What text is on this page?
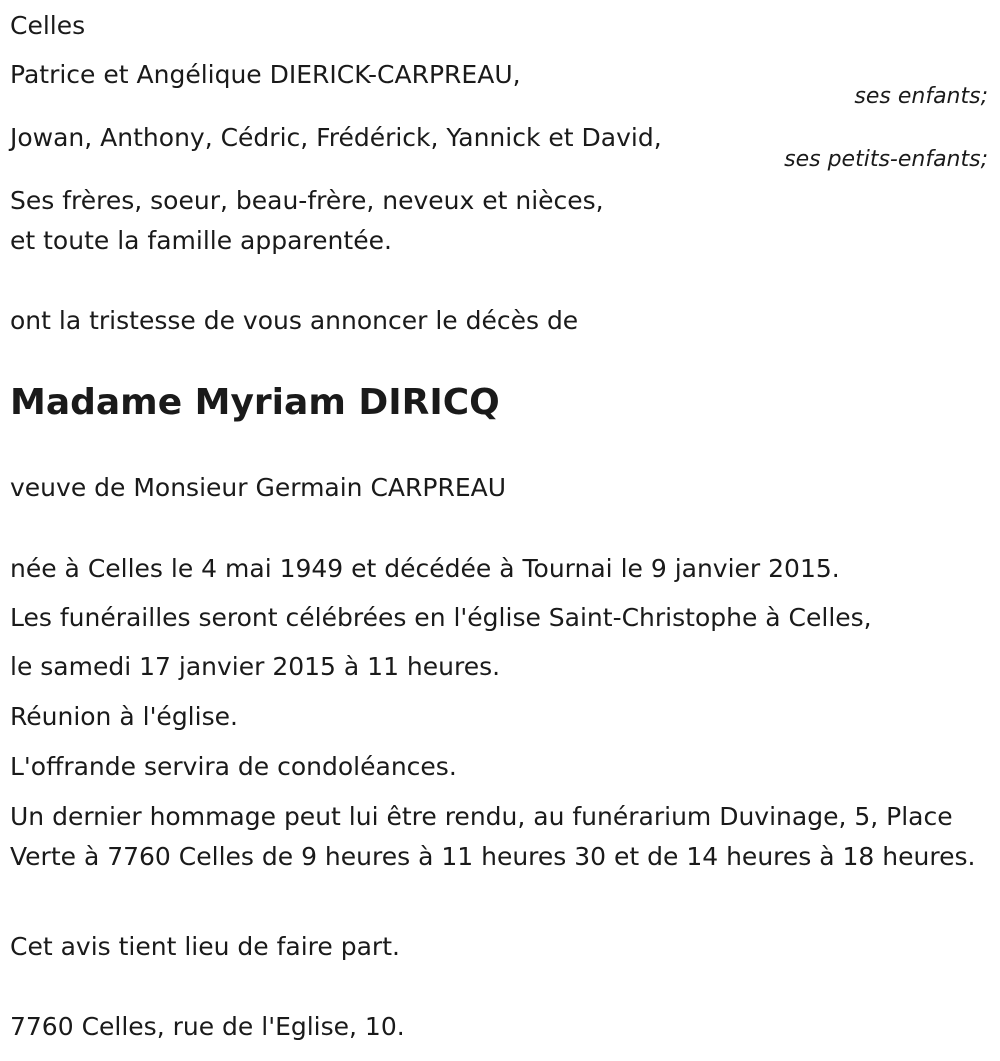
Celles
Patrice et Angélique DIERICK-CARPREAU,
ses enfants;
Jowan, Anthony, Cédric, Frédérick, Yannick et David,
ses petits-enfants;
Ses frères, soeur, beau-frère, neveux et nièces,
et toute la famille apparentée.
ont la tristesse de vous annoncer le décès de
Madame Myriam DIRICQ
veuve de Monsieur Germain CARPREAU
née à Celles le 4 mai 1949 et décédée à Tournai le 9 janvier 2015.
Les funérailles seront célébrées en l'église Saint-Christophe à Celles,
le samedi 17 janvier 2015 à 11 heures.
Réunion à l'église.
L'offrande servira de condoléances.
Un dernier hommage peut lui être rendu, au funérarium Duvinage, 5, Place Verte à 7760 Celles de 9 heures à 11 heures 30 et de 14 heures à 18 heures.
Cet avis tient lieu de faire part.
7760 Celles, rue de l'Eglise, 10.
